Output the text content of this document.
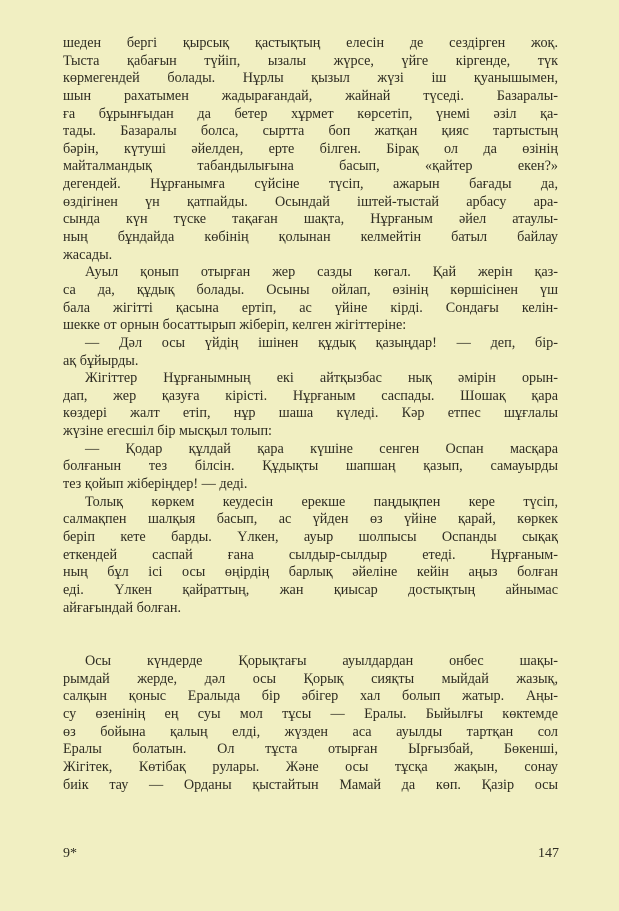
шеден бергі қырсық қастықтың елесін де сездірген жоқ.
Тыста қабағын түйіп, ызалы жүрсе, үйге кіргенде, түк
көрмегендей болады. Нұрлы қызыл жүзі іш қуанышымен,
шын рахатымен жадырағандай, жайнай түседі. Базаралы-
ға бұрынғыдан да бетер хұрмет көрсетіп, үнемі әзіл қа-
тады. Базаралы болса, сыртта боп жатқан қияс тартыстың
бәрін, күтуші әйелден, ерте білген. Бірақ ол да өзінің
майталмандық табандылығына басып, «қайтер екен?»
дегендей. Нұрғанымға сүйсіне түсіп, ажарын бағады да,
өздігінен үн қатпайды. Осындай іштей-тыстай арбасу ара-
сында күн түске тақаған шақта, Нұрғаным әйел атаулы-
ның бұндайда көбінің қолынан келмейтін батыл байлау
жасады.
Ауыл қонып отырған жер сазды көгал. Қай жерін қаз-
са да, құдық болады. Осыны ойлап, өзінің көршісінен үш
бала жігітті қасына ертіп, ас үйіне кірді. Сондағы келін-
шекке от орнын босаттырып жіберіп, келген жігіттеріне:
— Дәл осы үйдің ішінен құдық қазыңдар! — деп, бір-
ақ бұйырды.
Жігіттер Нұрғанымның екі айтқызбас нық әмірін орын-
дап, жер қазуға кірісті. Нұрғаным саспады. Шошақ қара
көздері жалт етіп, нұр шаша күледі. Кәр етпес шұғлалы
жүзіне егесшіл бір мысқыл толып:
— Қодар құлдай қара күшіне сенген Оспан масқара
болғанын тез білсін. Құдықты шапшаң қазып, самауырды
тез қойып жіберіңдер! — деді.
Толық көркем кеудесін ерекше паңдықпен кере түсіп,
салмақпен шалқыя басып, ас үйден өз үйіне қарай, көркек
беріп кете барды. Үлкен, ауыр шолпысы Оспанды сықақ
еткендей саспай ғана сылдыр-сылдыр етеді. Нұрғаным-
ның бұл ісі осы өңірдің барлық әйеліне кейін аңыз болған
еді. Үлкен қайраттың, жан қиысар достықтың айнымас
айғағындай болған.
Осы күндерде Қорықтағы ауылдардан онбес шақы-
рымдай жерде, дәл осы Қорық сияқты мыйдай жазық,
салқын қоныс Ералыда бір әбігер хал болып жатыр. Аңы-
су өзенінің ең суы мол тұсы — Ералы. Быйылғы көктемде
өз бойына қалың елді, жүзден аса ауылды тартқан сол
Ералы болатын. Ол тұста отырған Ырғызбай, Бөкенші,
Жігітек, Көтібақ рулары. Және осы тұсқа жақын, сонау
биік тау — Орданы қыстайтын Мамай да көп. Қазір осы
9*	147
